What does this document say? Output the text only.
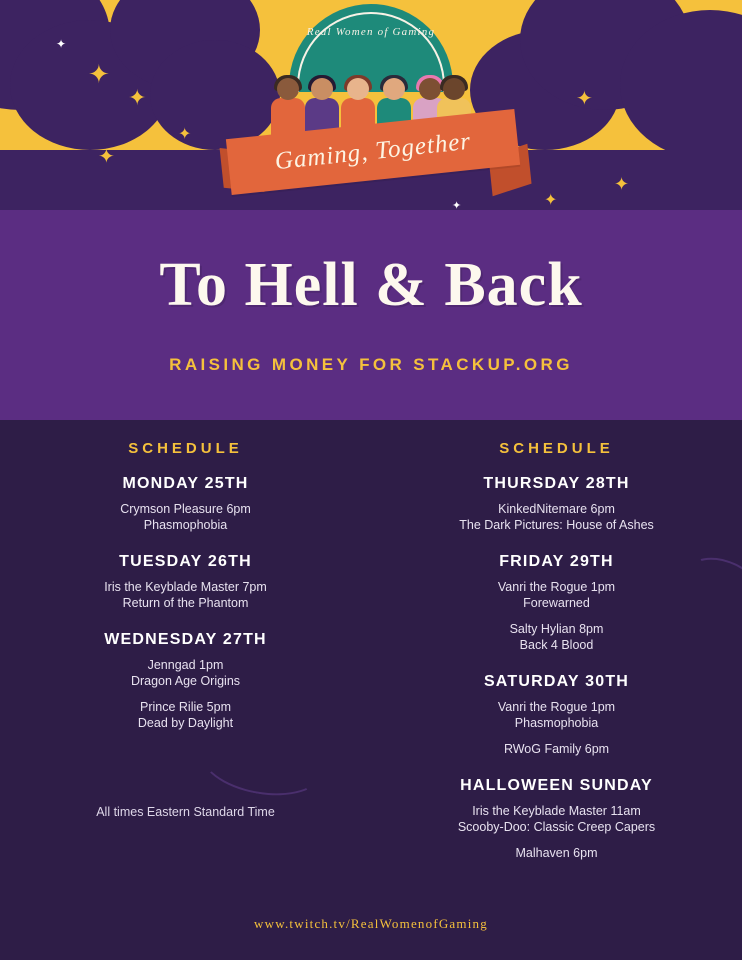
✦
✦
✦
✦
✦
✦
✦
✦
✦
✦
Real Women of Gaming
Gaming, Together
To Hell & Back
RAISING MONEY FOR STACKUP.ORG
SCHEDULE
MONDAY 25TH
Crymson Pleasure 6pm
Phasmophobia
TUESDAY 26TH
Iris the Keyblade Master 7pm
Return of the Phantom
WEDNESDAY 27TH
Jenngad 1pm
Dragon Age Origins
Prince Rilie 5pm
Dead by Daylight
SCHEDULE
THURSDAY 28TH
KinkedNitemare 6pm
The Dark Pictures: House of Ashes
FRIDAY 29TH
Vanri the Rogue 1pm
Forewarned
Salty Hylian 8pm
Back 4 Blood
SATURDAY 30TH
Vanri the Rogue 1pm
Phasmophobia
RWoG Family 6pm
HALLOWEEN SUNDAY
Iris the Keyblade Master 11am
Scooby-Doo: Classic Creep Capers
Malhaven 6pm
All times Eastern Standard Time
www.twitch.tv/RealWomenofGaming
